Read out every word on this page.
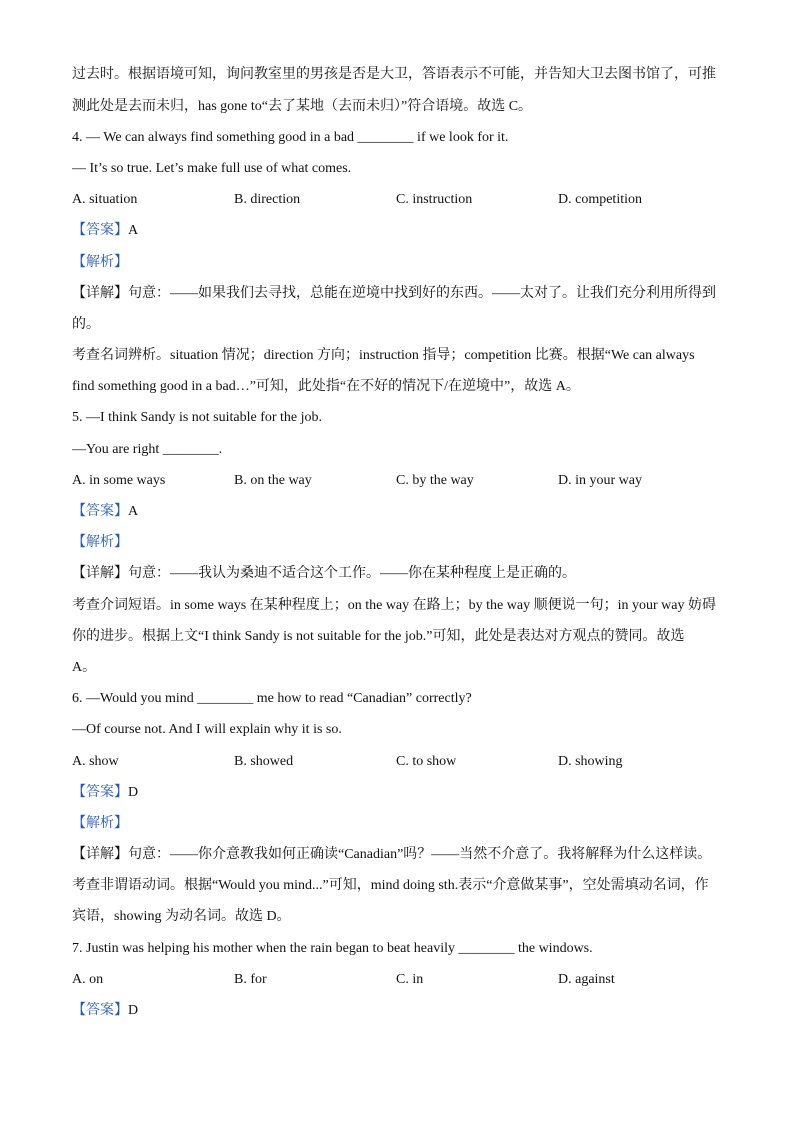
过去时。根据语境可知，询问教室里的男孩是否是大卫，答语表示不可能，并告知大卫去图书馆了，可推
测此处是去而未归，has gone to“去了某地（去而未归）”符合语境。故选 C。
4. — We can always find something good in a bad ________ if we look for it.
— It’s so true. Let’s make full use of what comes.
A. situation	B. direction	C. instruction	D. competition
【答案】A
【解析】
【详解】句意：——如果我们去寻找，总能在逆境中找到好的东西。——太对了。让我们充分利用所得到
的。
考查名词辨析。situation 情况；direction 方向；instruction 指导；competition 比赛。根据“We can always
find something good in a bad…”可知，此处指“在不好的情况下/在逆境中”，故选 A。
5. —I think Sandy is not suitable for the job.
—You are right ________.
A. in some ways	B. on the way	C. by the way	D. in your way
【答案】A
【解析】
【详解】句意：——我认为桑迪不适合这个工作。——你在某种程度上是正确的。
考查介词短语。in some ways 在某种程度上；on the way 在路上；by the way 顺便说一句；in your way 妨碍
你的进步。根据上文“I think Sandy is not suitable for the job.”可知，此处是表达对方观点的赞同。故选
A。
6. —Would you mind ________ me how to read “Canadian” correctly?
—Of course not. And I will explain why it is so.
A. show	B. showed	C. to show	D. showing
【答案】D
【解析】
【详解】句意：——你介意教我如何正确读“Canadian”吗？——当然不介意了。我将解释为什么这样读。
考查非谓语动词。根据“Would you mind...”可知，mind doing sth.表示“介意做某事”，空处需填动名词，作
宾语，showing 为动名词。故选 D。
7. Justin was helping his mother when the rain began to beat heavily ________ the windows.
A. on	B. for	C. in	D. against
【答案】D
